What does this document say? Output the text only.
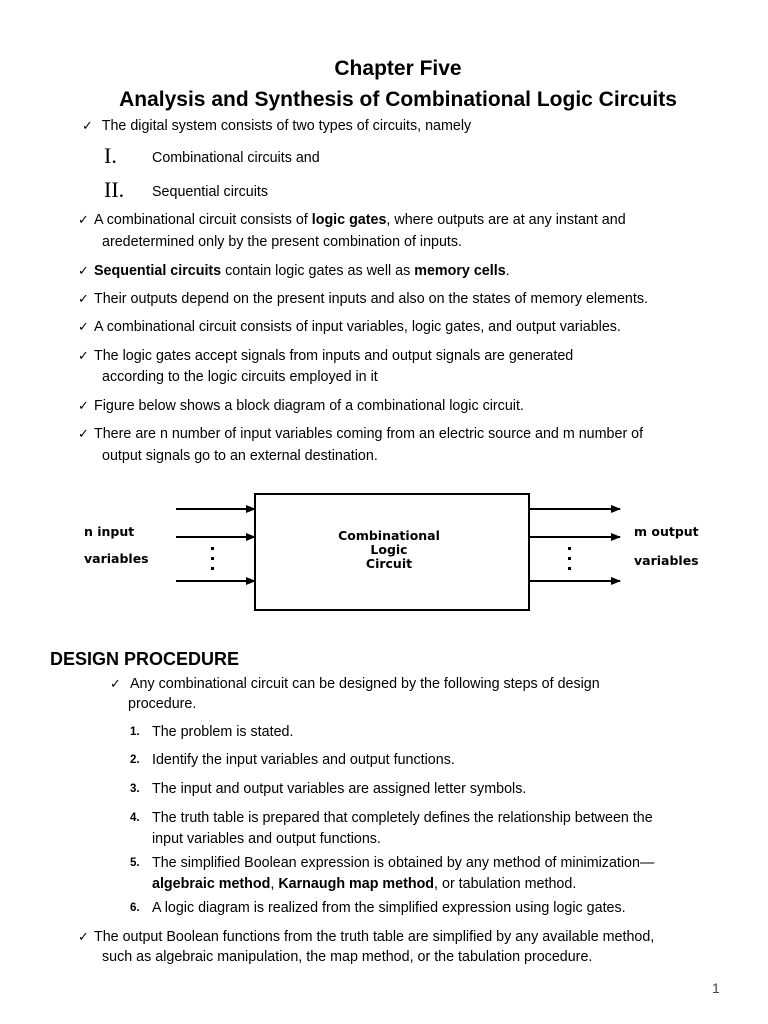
Chapter Five
Analysis and Synthesis of Combinational Logic Circuits
✓ The digital system consists of two types of circuits, namely
I. Combinational circuits and
II. Sequential circuits
✓ A combinational circuit consists of logic gates, where outputs are at any instant and
aredetermined only by the present combination of inputs.
✓ Sequential circuits contain logic gates as well as memory cells.
✓ Their outputs depend on the present inputs and also on the states of memory elements.
✓ A combinational circuit consists of input variables, logic gates, and output variables.
✓ The logic gates accept signals from inputs and output signals are generated
according to the logic circuits employed in it
✓ Figure below shows a block diagram of a combinational logic circuit.
✓ There are n number of input variables coming from an electric source and m number of
output signals go to an external destination.
Combinational
Logic
Circuit
n input
variables
m output
variables
DESIGN PROCEDURE
✓ Any combinational circuit can be designed by the following steps of design
procedure.
1. The problem is stated.
2. Identify the input variables and output functions.
3. The input and output variables are assigned letter symbols.
4. The truth table is prepared that completely defines the relationship between the
input variables and output functions.
5. The simplified Boolean expression is obtained by any method of minimization—
algebraic method, Karnaugh map method, or tabulation method.
6. A logic diagram is realized from the simplified expression using logic gates.
✓ The output Boolean functions from the truth table are simplified by any available method,
such as algebraic manipulation, the map method, or the tabulation procedure.
1
